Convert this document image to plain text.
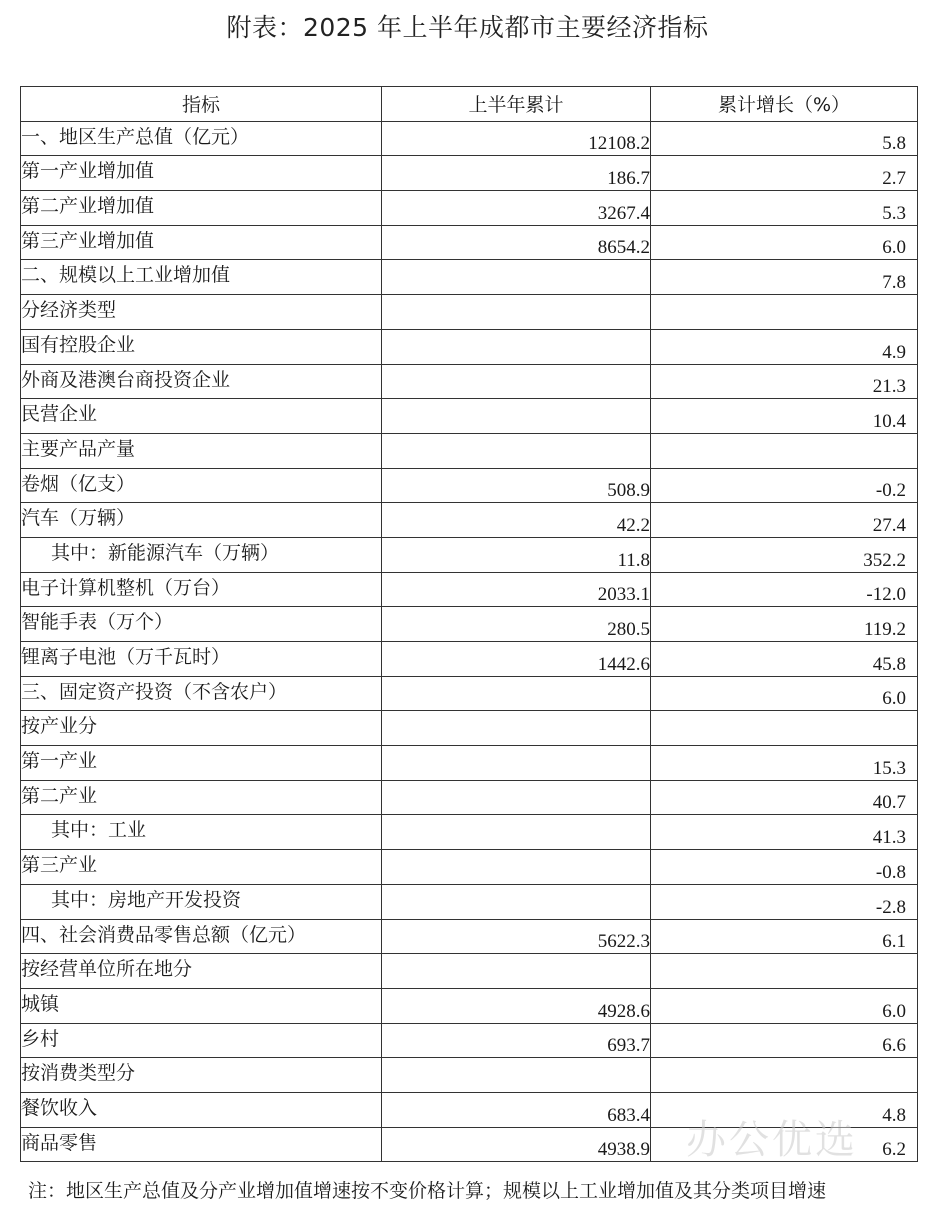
附表：2025 年上半年成都市主要经济指标
指标	上半年累计	累计增长（%）
一、地区生产总值（亿元）	12108.2	5.8
第一产业增加值	186.7	2.7
第二产业增加值	3267.4	5.3
第三产业增加值	8654.2	6.0
二、规模以上工业增加值		7.8
分经济类型		
国有控股企业		4.9
外商及港澳台商投资企业		21.3
民营企业		10.4
主要产品产量		
卷烟（亿支）	508.9	-0.2
汽车（万辆）	42.2	27.4
其中：新能源汽车（万辆）	11.8	352.2
电子计算机整机（万台）	2033.1	-12.0
智能手表（万个）	280.5	119.2
锂离子电池（万千瓦时）	1442.6	45.8
三、固定资产投资（不含农户）		6.0
按产业分		
第一产业		15.3
第二产业		40.7
其中：工业		41.3
第三产业		-0.8
其中：房地产开发投资		-2.8
四、社会消费品零售总额（亿元）	5622.3	6.1
按经营单位所在地分		
城镇	4928.6	6.0
乡村	693.7	6.6
按消费类型分		
餐饮收入	683.4	4.8
商品零售	4938.9	6.2
注：地区生产总值及分产业增加值增速按不变价格计算；规模以上工业增加值及其分类项目增速
办公优选
